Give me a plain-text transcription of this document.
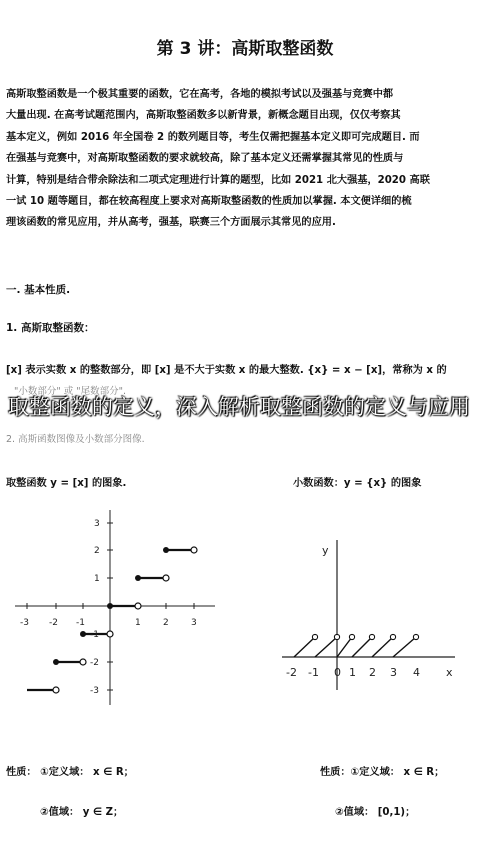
第 3 讲：高斯取整函数

高斯取整函数是一个极其重要的函数，它在高考，各地的模拟考试以及强基与竞赛中都

大量出现. 在高考试题范围内，高斯取整函数多以新背景，新概念题目出现，仅仅考察其

基本定义，例如 2016 年全国卷 2 的数列题目等，考生仅需把握基本定义即可完成题目. 而

在强基与竞赛中，对高斯取整函数的要求就较高，除了基本定义还需掌握其常见的性质与

计算，特别是结合带余除法和二项式定理进行计算的题型，比如 2021 北大强基，2020 高联

一试 10 题等题目，都在较高程度上要求对高斯取整函数的性质加以掌握. 本文便详细的梳

理该函数的常见应用，并从高考，强基，联赛三个方面展示其常见的应用.

一. 基本性质.
1. 高斯取整函数：
[x] 表示实数 x 的整数部分，即 [x] 是不大于实数 x 的最大整数. {x} = x − [x]，常称为 x 的
"小数部分" 或 "尾数部分".
2. 高斯函数图像及小数部分图像.
取整函数的定义，深入解析取整函数的定义与应用
取整函数 y = [x] 的图象.	小数函数：y = {x} 的图象
-3 -2 -1	1 2 3
3
2
1
-1
-2
-3
y
x
-2 -1 0 1 2 3 4
性质： ①定义域： x ∈ R；
②值域： y ∈ Z；
性质：①定义域： x ∈ R；
②值域： [0,1)；
